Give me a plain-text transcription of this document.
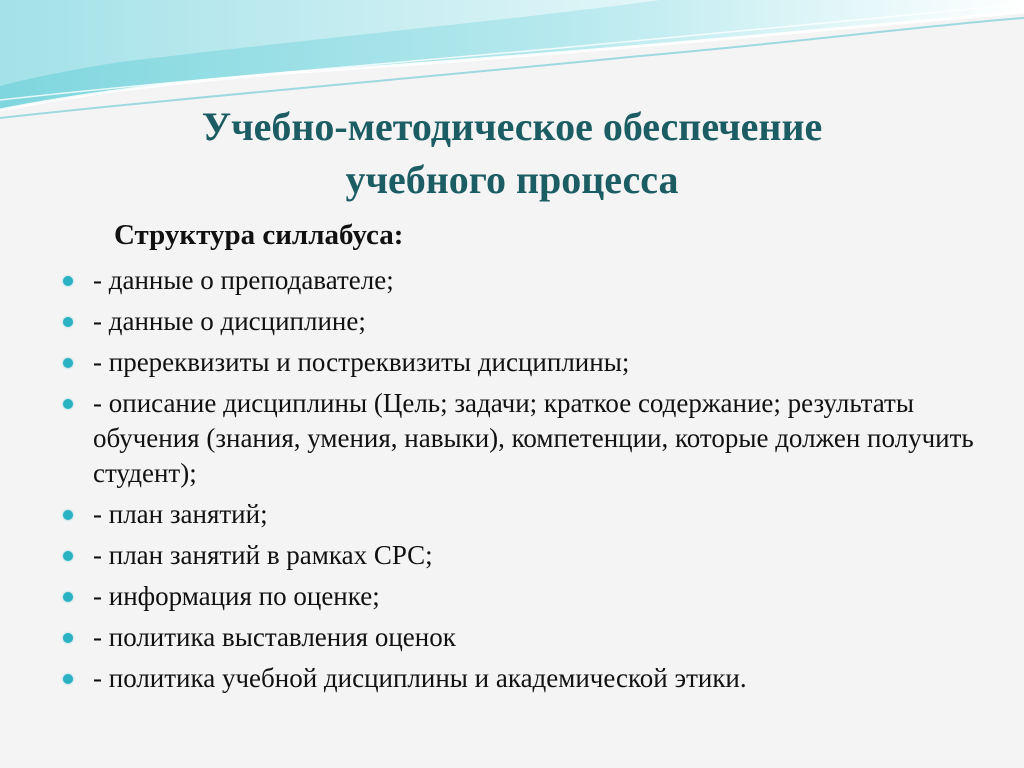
Учебно-методическое обеспечение
учебного процесса

Структура силлабуса:

- данные о преподавателе;
- данные о дисциплине;
- пререквизиты и постреквизиты дисциплины;
- описание дисциплины (Цель; задачи; краткое содержание; результаты обучения (знания, умения, навыки), компетенции, которые должен получить студент);
- план занятий;
- план занятий в рамках СРС;
- информация по оценке;
- политика выставления оценок
- политика учебной дисциплины и академической этики.
